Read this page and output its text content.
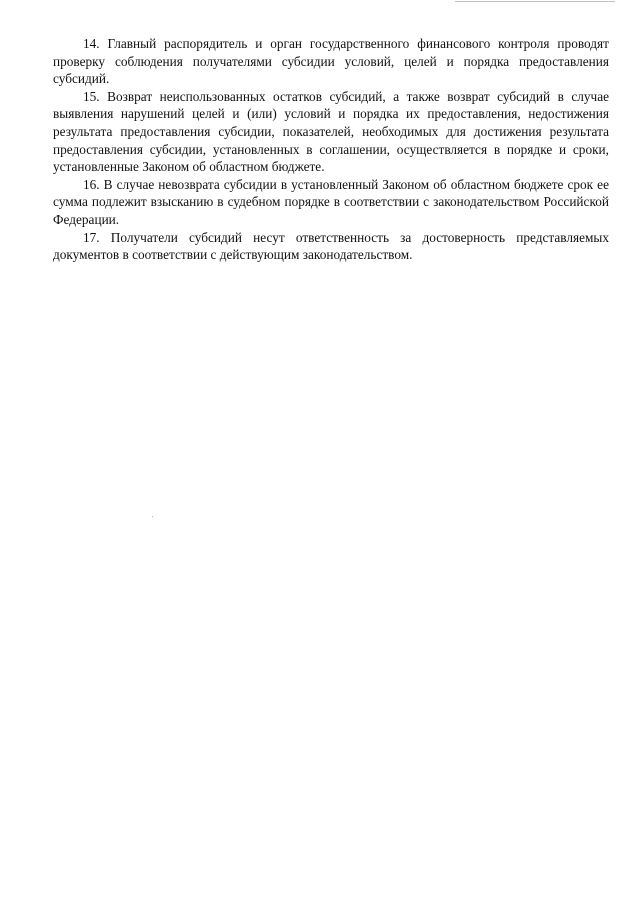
14. Главный распорядитель и орган государственного финансового контроля проводят проверку соблюдения получателями субсидии условий, целей и порядка предоставления субсидий.

15. Возврат неиспользованных остатков субсидий, а также возврат субсидий в случае выявления нарушений целей и (или) условий и порядка их предоставления, недостижения результата предоставления субсидии, показателей, необходимых для достижения результата предоставления субсидии, установленных в соглашении, осуществляется в порядке и сроки, установленные Законом об областном бюджете.

16. В случае невозврата субсидии в установленный Законом об областном бюджете срок ее сумма подлежит взысканию в судебном порядке в соответствии с законодательством Российской Федерации.

17. Получатели субсидий несут ответственность за достоверность представляемых документов в соответствии с действующим законодательством.
